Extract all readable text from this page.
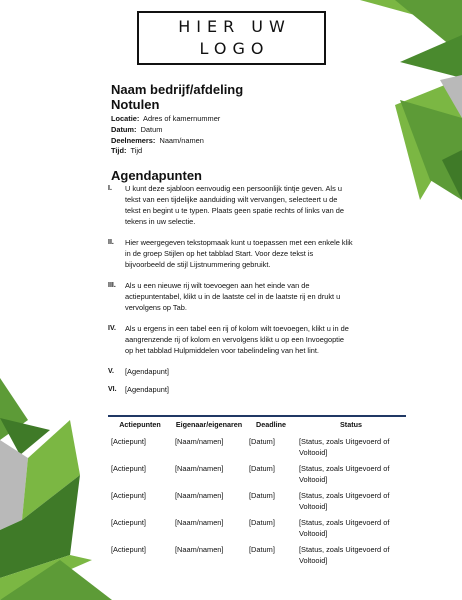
HIER UW LOGO
Naam bedrijf/afdeling
Notulen
Locatie: Adres of kamernummer
Datum: Datum
Deelnemers: Naam/namen
Tijd: Tijd
Agendapunten
I.	U kunt deze sjabloon eenvoudig een persoonlijk tintje geven. Als u tekst van een tijdelijke aanduiding wilt vervangen, selecteert u de tekst en begint u te typen. Plaats geen spatie rechts of links van de tekens in uw selectie.
II.	Hier weergegeven tekstopmaak kunt u toepassen met een enkele klik in de groep Stijlen op het tabblad Start. Voor deze tekst is bijvoorbeeld de stijl Lijstnummering gebruikt.
III.	Als u een nieuwe rij wilt toevoegen aan het einde van de actiepuntentabel, klikt u in de laatste cel in de laatste rij en drukt u vervolgens op Tab.
IV.	Als u ergens in een tabel een rij of kolom wilt toevoegen, klikt u in de aangrenzende rij of kolom en vervolgens klikt u op een Invoegoptie op het tabblad Hulpmiddelen voor tabelindeling van het lint.
V.	[Agendapunt]
VI.	[Agendapunt]
Actiepunten	Eigenaar/eigenaren	Deadline	Status
[Actiepunt]	[Naam/namen]	[Datum]	[Status, zoals Uitgevoerd of Voltooid]
[Actiepunt]	[Naam/namen]	[Datum]	[Status, zoals Uitgevoerd of Voltooid]
[Actiepunt]	[Naam/namen]	[Datum]	[Status, zoals Uitgevoerd of Voltooid]
[Actiepunt]	[Naam/namen]	[Datum]	[Status, zoals Uitgevoerd of Voltooid]
[Actiepunt]	[Naam/namen]	[Datum]	[Status, zoals Uitgevoerd of Voltooid]
